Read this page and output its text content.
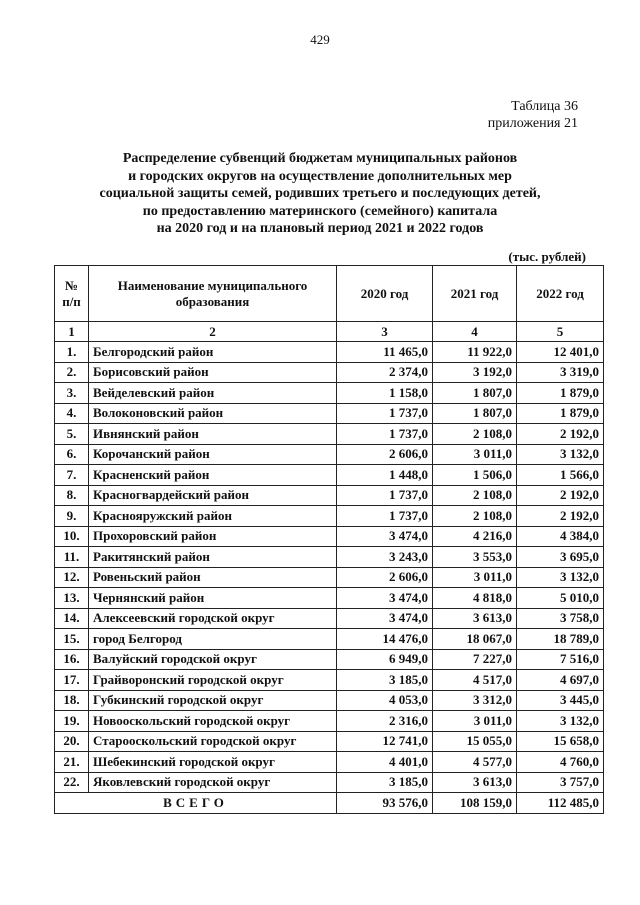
429
Таблица 36
приложения 21
Распределение субвенций бюджетам муниципальных районов
и городских округов на осуществление дополнительных мер
социальной защиты семей, родивших третьего и последующих детей,
по предоставлению материнского (семейного) капитала
на 2020 год и на плановый период 2021 и 2022 годов
(тыс. рублей)
№ п/п	Наименование муниципального образования	2020 год	2021 год	2022 год
1	2	3	4	5
1.	Белгородский район	11 465,0	11 922,0	12 401,0
2.	Борисовский район	2 374,0	3 192,0	3 319,0
3.	Вейделевский район	1 158,0	1 807,0	1 879,0
4.	Волоконовский район	1 737,0	1 807,0	1 879,0
5.	Ивнянский район	1 737,0	2 108,0	2 192,0
6.	Корочанский район	2 606,0	3 011,0	3 132,0
7.	Красненский район	1 448,0	1 506,0	1 566,0
8.	Красногвардейский район	1 737,0	2 108,0	2 192,0
9.	Краснояружский район	1 737,0	2 108,0	2 192,0
10.	Прохоровский район	3 474,0	4 216,0	4 384,0
11.	Ракитянский район	3 243,0	3 553,0	3 695,0
12.	Ровеньский район	2 606,0	3 011,0	3 132,0
13.	Чернянский район	3 474,0	4 818,0	5 010,0
14.	Алексеевский городской округ	3 474,0	3 613,0	3 758,0
15.	город Белгород	14 476,0	18 067,0	18 789,0
16.	Валуйский городской округ	6 949,0	7 227,0	7 516,0
17.	Грайворонский городской округ	3 185,0	4 517,0	4 697,0
18.	Губкинский городской округ	4 053,0	3 312,0	3 445,0
19.	Новооскольский городской округ	2 316,0	3 011,0	3 132,0
20.	Старооскольский городской округ	12 741,0	15 055,0	15 658,0
21.	Шебекинский городской округ	4 401,0	4 577,0	4 760,0
22.	Яковлевский городской округ	3 185,0	3 613,0	3 757,0
ВСЕГО		93 576,0	108 159,0	112 485,0
